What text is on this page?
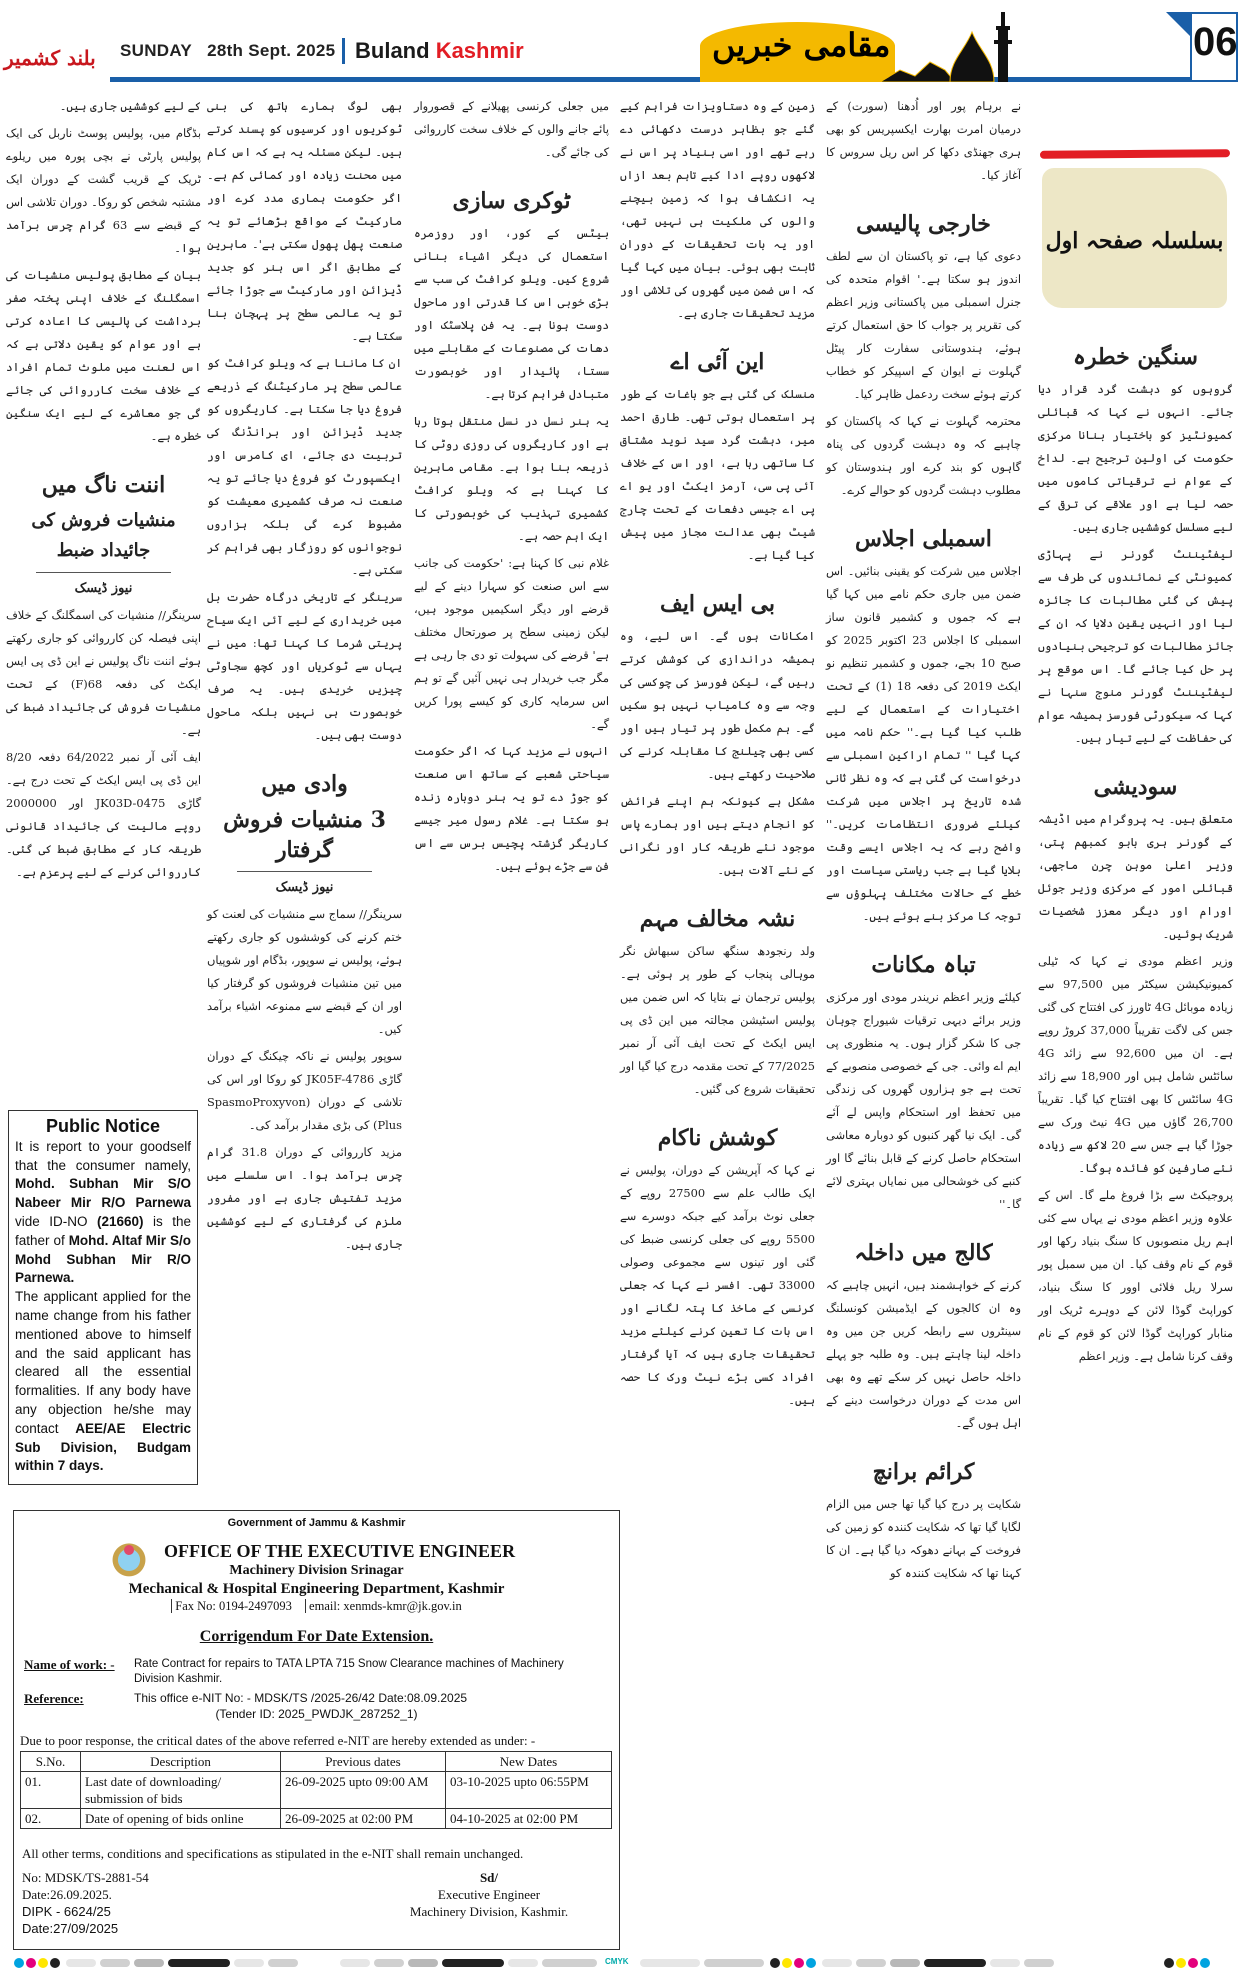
بلند کشمیر SUNDAY 28th Sept. 2025 Buland Kashmir	مقامی خبریں	06
سنگین خطرہ

گروہوں کو دہشت گرد قرار دیا جائے۔ انہوں نے کہا کہ قبائلی کمیونٹیز کو باختیار بنانا مرکزی حکومت کی اولین ترجیح ہے۔ لداخ کے عوام نے ترقیاتی کاموں میں حصہ لیا ہے اور علاقے کی ترقی کے لیے مسلسل کوششیں جاری ہیں۔

لیفٹیننٹ گورنر نے پہاڑی کمیونٹی کے نمائندوں کی طرف سے پیش کی گئی مطالبات کا جائزہ لیا اور انہیں یقین دلایا کہ ان کے جائز مطالبات کو ترجیحی بنیادوں پر حل کیا جائے گا۔ اس موقع پر لیفٹیننٹ گورنر منوج سنہا نے کہا کہ سیکورٹی فورسز ہمیشہ عوام کی حفاظت کے لیے تیار ہیں۔

سودیشی

متعلق ہیں۔ یہ پروگرام میں اڈیشہ کے گورنر ہری بابو کمبھم پتی، وزیر اعلیٰ موہن چرن ماجھی، قبائلی امور کے مرکزی وزیر جوئل اورام اور دیگر معزز شخصیات شریک ہوئیں۔

وزیر اعظم مودی نے کہا کہ ٹیلی کمیونیکیشن سیکٹر میں 97,500 سے زیادہ موبائل 4G ٹاورز کی افتتاح کی گئی جس کی لاگت تقریباً 37,000 کروڑ روپے ہے۔ ان میں 92,600 سے زائد 4G سائٹس شامل ہیں اور 18,900 سے زائد 4G سائٹس کا بھی افتتاح کیا گیا۔ تقریباً 26,700 گاؤں میں 4G نیٹ ورک سے جوڑا گیا ہے جس سے 20 لاکھ سے زیادہ نئے صارفین کو فائدہ ہوگا۔

پروجیکٹ سے بڑا فروغ ملے گا۔ اس کے علاوہ وزیر اعظم مودی نے یہاں سے کئی اہم ریل منصوبوں کا سنگ بنیاد رکھا اور قوم کے نام وقف کیا۔ ان میں سمبل پور سرلا ریل فلائی اوور کا سنگ بنیاد، کوراپٹ گوڈا لائن کے دوہرے ٹریک اور منابار کوراپٹ گوڈا لائن کو قوم کے نام وقف کرنا شامل ہے۔ وزیر اعظم

نے برہام پور اور اُدھنا (سورت) کے درمیان امرت بھارت ایکسپریس کو بھی ہری جھنڈی دکھا کر اس ریل سروس کا آغاز کیا۔

خارجی پالیسی

دعوی کیا ہے، تو پاکستان ان سے لطف اندوز ہو سکتا ہے۔' اقوام متحدہ کی جنرل اسمبلی میں پاکستانی وزیر اعظم کی تقریر پر جواب کا حق استعمال کرتے ہوئے، ہندوستانی سفارت کار پیٹل گہلوت نے ایوان کے اسپیکر کو خطاب کرتے ہوئے سخت ردعمل ظاہر کیا۔

محترمہ گہلوت نے کہا کہ پاکستان کو چاہیے کہ وہ دہشت گردوں کی پناہ گاہوں کو بند کرے اور ہندوستان کو مطلوب دہشت گردوں کو حوالے کرے۔

اسمبلی اجلاس

اجلاس میں شرکت کو یقینی بنائیں۔ اس ضمن میں جاری حکم نامے میں کہا گیا ہے کہ جموں و کشمیر قانون ساز اسمبلی کا اجلاس 23 اکتوبر 2025 کو صبح 10 بجے، جموں و کشمیر تنظیم نو ایکٹ 2019 کی دفعہ 18 (1) کے تحت اختیارات کے استعمال کے لیے طلب کیا گیا ہے۔'' حکم نامہ میں کہا گیا '' تمام اراکین اسمبلی سے درخواست کی گئی ہے کہ وہ نظر ثانی شدہ تاریخ پر اجلاس میں شرکت کیلئے ضروری انتظامات کریں۔'' واضح رہے کہ یہ اجلاس ایسے وقت بلایا گیا ہے جب ریاستی سیاست اور خطے کے حالات مختلف پہلوؤں سے توجہ کا مرکز بنے ہوئے ہیں۔

تباہ مکانات

کیلئے وزیر اعظم نریندر مودی اور مرکزی وزیر برائے دیہی ترقیات شیوراج چوہان جی کا شکر گزار ہوں۔ یہ منظوری پی ایم اے وائی۔ جی کے خصوصی منصوبے کے تحت ہے جو ہزاروں گھروں کی زندگی میں تحفظ اور استحکام واپس لے آئے گی۔ ایک نیا گھر کنبوں کو دوبارہ معاشی استحکام حاصل کرنے کے قابل بنائے گا اور کنبے کی خوشحالی میں نمایاں بہتری لائے گا۔''

کالج میں داخلہ

کرنے کے خواہشمند ہیں، انہیں چاہیے کہ وہ ان کالجوں کے ایڈمیشن کونسلنگ سینٹروں سے رابطہ کریں جن میں وہ داخلہ لینا چاہتے ہیں۔ وہ طلبہ جو پہلے داخلہ حاصل نہیں کر سکے تھے وہ بھی اس مدت کے دوران درخواست دینے کے اہل ہوں گے۔

کرائم برانچ

شکایت پر درج کیا گیا تھا جس میں الزام لگایا گیا تھا کہ شکایت کنندہ کو زمین کی فروخت کے بہانے دھوکہ دیا گیا ہے۔ ان کا کہنا تھا کہ شکایت کنندہ کو

زمین کے وہ دستاویزات فراہم کیے گئے جو بظاہر درست دکھائی دے رہے تھے اور اسی بنیاد پر اس نے لاکھوں روپے ادا کیے تاہم بعد ازاں یہ انکشاف ہوا کہ زمین بیچنے والوں کی ملکیت ہی نہیں تھی، اور یہ بات تحقیقات کے دوران ثابت بھی ہوئی۔ بیان میں کہا گیا کہ اس ضمن میں گھروں کی تلاشی اور مزید تحقیقات جاری ہے۔

این آئی اے

منسلک کی گئی ہے جو باغات کے طور پر استعمال ہوتی تھی۔ طارق احمد میر، دہشت گرد سید نوید مشتاق کا ساتھی رہا ہے، اور اس کے خلاف آئی پی سی، آرمز ایکٹ اور یو اے پی اے جیسی دفعات کے تحت چارج شیٹ بھی عدالت مجاز میں پیش کیا گیا ہے۔

بی ایس ایف

امکانات ہوں گے۔ اس لیے، وہ ہمیشہ دراندازی کی کوشش کرتے رہیں گے، لیکن فورسز کی چوکسی کی وجہ سے وہ کامیاب نہیں ہو سکیں گے۔ ہم مکمل طور پر تیار ہیں اور کسی بھی چیلنج کا مقابلہ کرنے کی صلاحیت رکھتے ہیں۔

مشکل ہے کیونکہ ہم اپنے فرائض کو انجام دیتے ہیں اور ہمارے پاس موجود نئے طریقہ کار اور نگرانی کے نئے آلات ہیں۔

نشہ مخالف مہم

ولد رنجودھ سنگھ ساکن سبھاش نگر موہالی پنجاب کے طور پر ہوئی ہے۔ پولیس ترجمان نے بتایا کہ اس ضمن میں پولیس اسٹیشن مجالتہ میں این ڈی پی ایس ایکٹ کے تحت ایف آئی آر نمبر 77/2025 کے تحت مقدمہ درج کیا گیا اور تحقیقات شروع کی گئیں۔

کوشش ناکام

نے کہا کہ آپریشن کے دوران، پولیس نے ایک طالب علم سے 27500 روپے کے جعلی نوٹ برآمد کیے جبکہ دوسرے سے 5500 روپے کی جعلی کرنسی ضبط کی گئی اور تینوں سے مجموعی وصولی 33000 تھی۔ افسر نے کہا کہ جعلی کرنسی کے ماخذ کا پتہ لگانے اور اس بات کا تعین کرنے کیلئے مزید تحقیقات جاری ہیں کہ آیا گرفتار افراد کسی بڑے نیٹ ورک کا حصہ ہیں۔

میں جعلی کرنسی پھیلانے کے قصوروار پائے جانے والوں کے خلاف سخت کارروائی کی جائے گی۔

ٹوکری سازی

بیٹس کے کور، اور روزمرہ استعمال کی دیگر اشیاء بنانی شروع کیں۔ ویلو کرافٹ کی سب سے بڑی خوبی اس کا قدرتی اور ماحول دوست ہونا ہے۔ یہ فن پلاسٹک اور دھات کی مصنوعات کے مقابلے میں سستا، پائیدار اور خوبصورت متبادل فراہم کرتا ہے۔

یہ ہنر نسل در نسل منتقل ہوتا رہا ہے اور کاریگروں کی روزی روٹی کا ذریعہ بنا ہوا ہے۔ مقامی ماہرین کا کہنا ہے کہ ویلو کرافٹ کشمیری تہذیب کی خوبصورتی کا ایک اہم حصہ ہے۔

غلام نبی کا کہنا ہے: 'حکومت کی جانب سے اس صنعت کو سہارا دینے کے لیے قرضے اور دیگر اسکیمیں موجود ہیں، لیکن زمینی سطح پر صورتحال مختلف ہے' قرضے کی سہولت تو دی جا رہی ہے مگر جب خریدار ہی نہیں آئیں گے تو ہم اس سرمایہ کاری کو کیسے پورا کریں گے۔

انہوں نے مزید کہا کہ اگر حکومت سیاحتی شعبے کے ساتھ اس صنعت کو جوڑ دے تو یہ ہنر دوبارہ زندہ ہو سکتا ہے۔ غلام رسول میر جیسے کاریگر گزشتہ پچیس برس سے اس فن سے جڑے ہوئے ہیں۔

بھی لوگ ہمارے ہاتھ کی بنی ٹوکریوں اور کرسیوں کو پسند کرتے ہیں۔ لیکن مسئلہ یہ ہے کہ اس کام میں محنت زیادہ اور کمائی کم ہے۔ اگر حکومت ہماری مدد کرے اور مارکیٹ کے مواقع بڑھائے تو یہ صنعت پھل پھول سکتی ہے'۔ ماہرین کے مطابق اگر اس ہنر کو جدید ڈیزائن اور مارکیٹ سے جوڑا جائے تو یہ عالمی سطح پر پہچان بنا سکتا ہے۔

ان کا ماننا ہے کہ ویلو کرافٹ کو عالمی سطح پر مارکیٹنگ کے ذریعے فروغ دیا جا سکتا ہے۔ کاریگروں کو جدید ڈیزائن اور برانڈنگ کی تربیت دی جائے، ای کامرس اور ایکسپورٹ کو فروغ دیا جائے تو یہ صنعت نہ صرف کشمیری معیشت کو مضبوط کرے گی بلکہ ہزاروں نوجوانوں کو روزگار بھی فراہم کر سکتی ہے۔

سرینگر کے تاریخی درگاہ حضرت بل میں خریداری کے لیے آئی ایک سیاح پریتی شرما کا کہنا تھا: میں نے یہاں سے ٹوکریاں اور کچھ سجاوٹی چیزیں خریدی ہیں۔ یہ صرف خوبصورت ہی نہیں بلکہ ماحول دوست بھی ہیں۔

وادی میں
3 منشیات فروش گرفتار
نیوز ڈیسک

سرینگر// سماج سے منشیات کی لعنت کو ختم کرنے کی کوششوں کو جاری رکھتے ہوئے، پولیس نے سوپور، بڈگام اور شوپیاں میں تین منشیات فروشوں کو گرفتار کیا اور ان کے قبضے سے ممنوعہ اشیاء برآمد کیں۔

سوپور پولیس نے ناکہ چیکنگ کے دوران گاڑی JK05F-4786 کو روکا اور اس کی تلاشی کے دوران (SpasmoProxyvon Plus) کی بڑی مقدار برآمد کی۔

مزید کارروائی کے دوران 31.8 گرام چرس برآمد ہوا۔ اس سلسلے میں مزید تفتیش جاری ہے اور مفرور ملزم کی گرفتاری کے لیے کوششیں جاری ہیں۔

کے لیے کوششیں جاری ہیں۔

بڈگام میں، پولیس پوسٹ ناربل کی ایک پولیس پارٹی نے بچی پورہ میں ریلوے ٹریک کے قریب گشت کے دوران ایک مشتبہ شخص کو روکا۔ دوران تلاشی اس کے قبضے سے 63 گرام چرس برآمد ہوا۔

بیان کے مطابق پولیس منشیات کی اسمگلنگ کے خلاف اپنی پختہ صفر برداشت کی پالیسی کا اعادہ کرتی ہے اور عوام کو یقین دلاتی ہے کہ اس لعنت میں ملوث تمام افراد کے خلاف سخت کارروائی کی جائے گی جو معاشرے کے لیے ایک سنگین خطرہ ہے۔

اننت ناگ میں
منشیات فروش کی جائیداد ضبط
نیوز ڈیسک

سرینگر// منشیات کی اسمگلنگ کے خلاف اپنی فیصلہ کن کارروائی کو جاری رکھتے ہوئے اننت ناگ پولیس نے این ڈی پی ایس ایکٹ کی دفعہ 68(F) کے تحت منشیات فروش کی جائیداد ضبط کی ہے۔

ایف آئی آر نمبر 64/2022 دفعہ 8/20 این ڈی پی ایس ایکٹ کے تحت درج ہے۔ گاڑی JK03D-0475 اور 2000000 روپے مالیت کی جائیداد قانونی طریقہ کار کے مطابق ضبط کی گئی۔ کارروائی کرنے کے لیے پرعزم ہے۔

بسلسلہ صفحہ اول
Public Notice
It is report to your goodself that the consumer namely, Mohd. Subhan Mir S/O Nabeer Mir R/O Parnewa vide ID-NO (21660) is the father of Mohd. Altaf Mir S/o Mohd Subhan Mir R/O Parnewa.
The applicant applied for the name change from his father mentioned above to himself and the said applicant has cleared all the essential formalities. If any body have any objection he/she may contact AEE/AE Electric Sub Division, Budgam within 7 days.
Government of Jammu & Kashmir
OFFICE OF THE EXECUTIVE ENGINEER
Machinery Division Srinagar
Mechanical & Hospital Engineering Department, Kashmir
Fax No: 0194-2497093 email: xenmds-kmr@jk.gov.in
Corrigendum For Date Extension.
Name of work: - Rate Contract for repairs to TATA LPTA 715 Snow Clearance machines of Machinery Division Kashmir.
Reference:	This office e-NIT No: - MDSK/TS /2025-26/42 Date:08.09.2025
(Tender ID: 2025_PWDJK_287252_1)
Due to poor response, the critical dates of the above referred e-NIT are hereby extended as under: -
S.No.	Description	Previous dates	New Dates
01.	Last date of downloading/ submission of bids	26-09-2025 upto 09:00 AM	03-10-2025 upto 06:55PM
02.	Date of opening of bids online	26-09-2025 at 02:00 PM	04-10-2025 at 02:00 PM
All other terms, conditions and specifications as stipulated in the e-NIT shall remain unchanged.
No: MDSK/TS-2881-54
Date:26.09.2025.
DIPK - 6624/25
Date:27/09/2025
Sd/
Executive Engineer
Machinery Division, Kashmir.
CMYK
